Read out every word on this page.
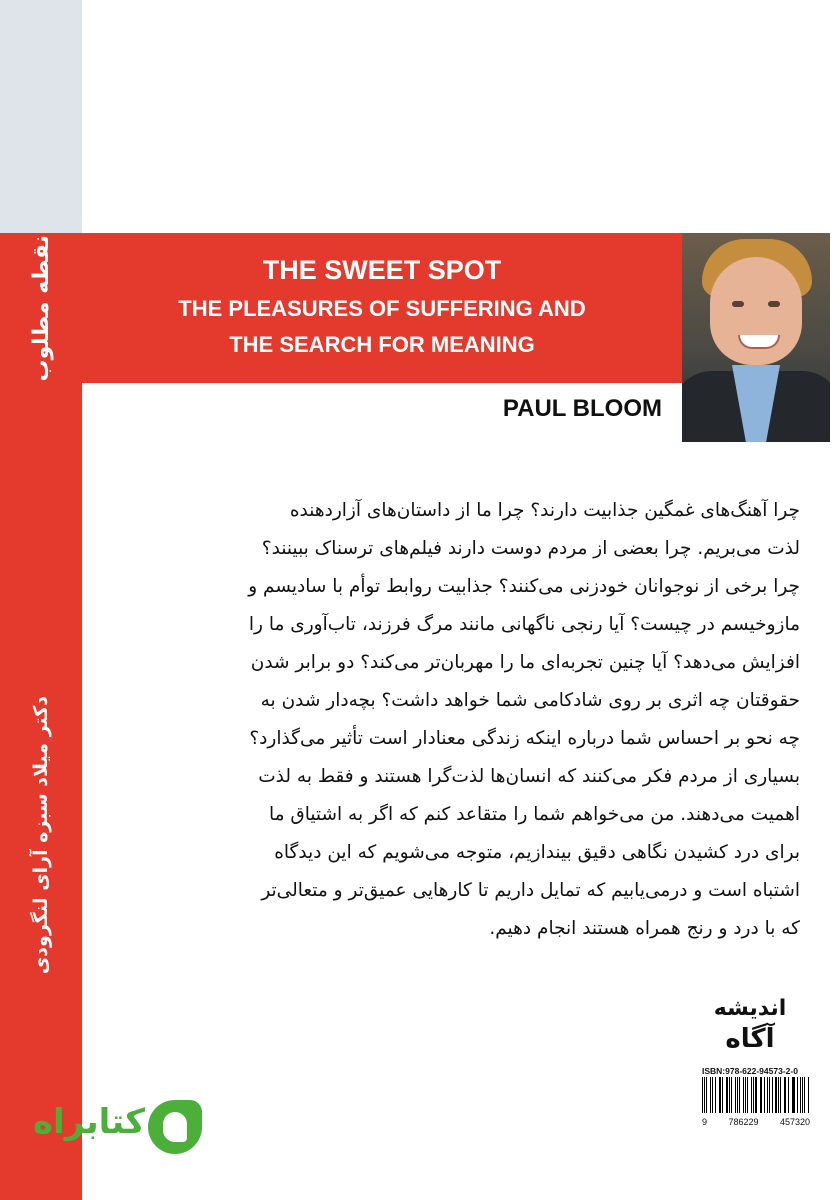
نقطه مطلوب
دکتر میلاد سبزه آرای لنگرودی
THE SWEET SPOT
THE PLEASURES OF SUFFERING AND
THE SEARCH FOR MEANING
PAUL BLOOM
چرا آهنگ‌های غمگین جذابیت دارند؟ چرا ما از داستان‌های آزاردهنده
لذت می‌بریم. چرا بعضی از مردم دوست دارند فیلم‌های ترسناک ببینند؟
چرا برخی از نوجوانان خودزنی می‌کنند؟ جذابیت روابط توأم با سادیسم و
مازوخیسم در چیست؟ آیا رنجی ناگهانی مانند مرگ فرزند، تاب‌آوری ما را
افزایش می‌دهد؟ آیا چنین تجربه‌ای ما را مهربان‌تر می‌کند؟ دو برابر شدن
حقوقتان چه اثری بر روی شادکامی شما خواهد داشت؟ بچه‌دار شدن به
چه نحو بر احساس شما درباره اینکه زندگی معنادار است تأثیر می‌گذارد؟
بسیاری از مردم فکر می‌کنند که انسان‌ها لذت‌گرا هستند و فقط به لذت
اهمیت می‌دهند. من می‌خواهم شما را متقاعد کنم که اگر به اشتیاق ما
برای درد کشیدن نگاهی دقیق بیندازیم، متوجه می‌شویم که این دیدگاه
اشتباه است و درمی‌یابیم که تمایل داریم تا کارهایی عمیق‌تر و متعالی‌تر
که با درد و رنج همراه هستند انجام دهیم.
اندیشه
آگاه
ISBN:978-622-94573-2-0
9 786229 457320
کتابراه
